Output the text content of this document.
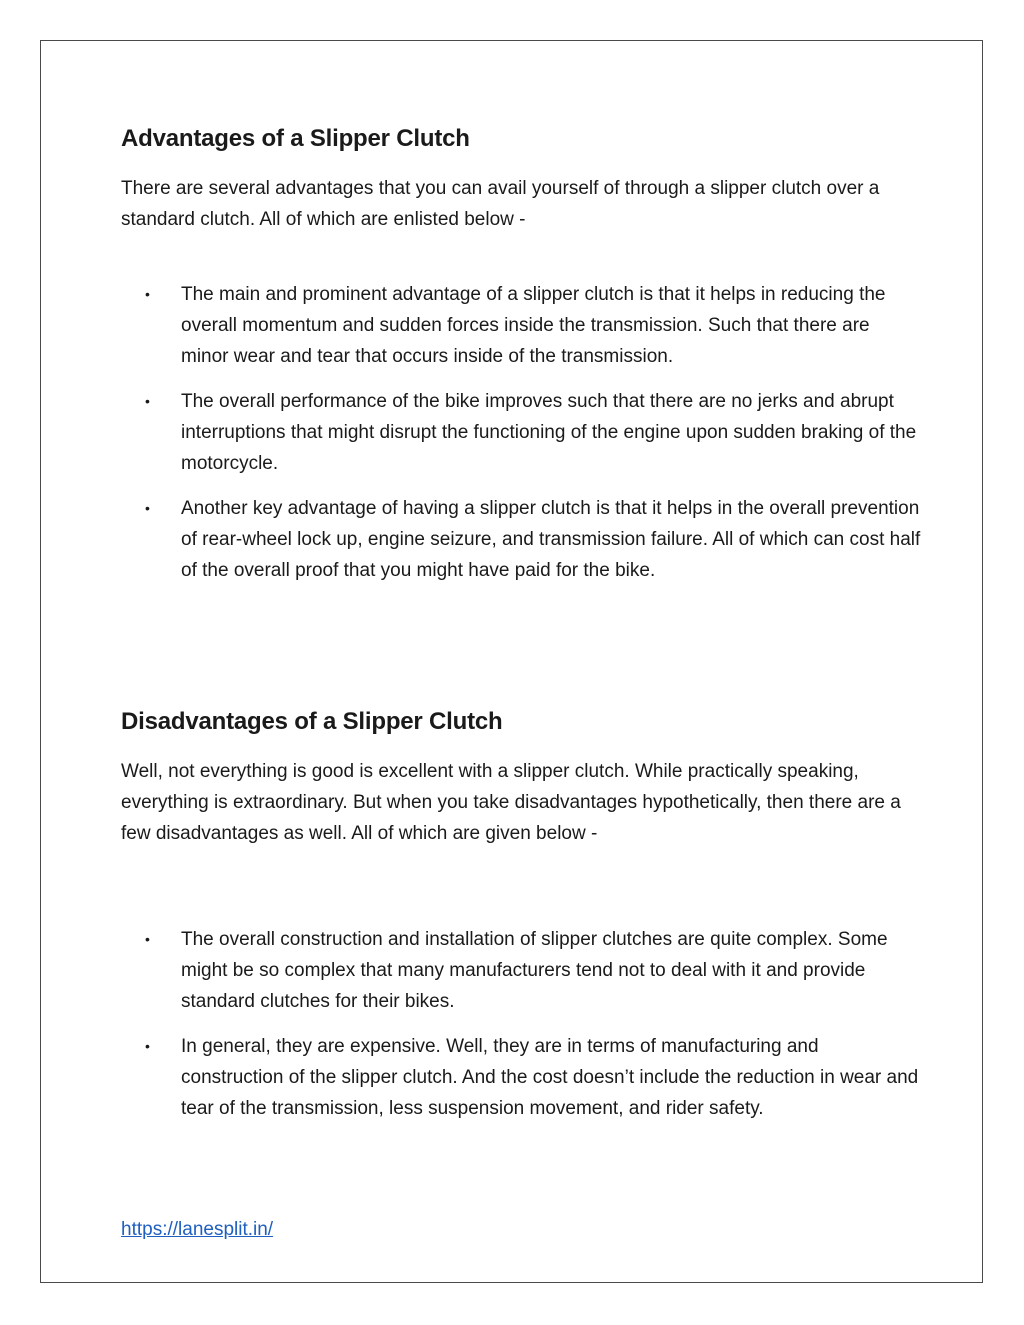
Advantages of a Slipper Clutch

There are several advantages that you can avail yourself of through a slipper clutch over a standard clutch. All of which are enlisted below -

• The main and prominent advantage of a slipper clutch is that it helps in reducing the overall momentum and sudden forces inside the transmission. Such that there are minor wear and tear that occurs inside of the transmission.
• The overall performance of the bike improves such that there are no jerks and abrupt interruptions that might disrupt the functioning of the engine upon sudden braking of the motorcycle.
• Another key advantage of having a slipper clutch is that it helps in the overall prevention of rear-wheel lock up, engine seizure, and transmission failure. All of which can cost half of the overall proof that you might have paid for the bike.
Disadvantages of a Slipper Clutch

Well, not everything is good is excellent with a slipper clutch. While practically speaking, everything is extraordinary. But when you take disadvantages hypothetically, then there are a few disadvantages as well. All of which are given below -

• The overall construction and installation of slipper clutches are quite complex. Some might be so complex that many manufacturers tend not to deal with it and provide standard clutches for their bikes.
• In general, they are expensive. Well, they are in terms of manufacturing and construction of the slipper clutch. And the cost doesn’t include the reduction in wear and tear of the transmission, less suspension movement, and rider safety.
https://lanesplit.in/
